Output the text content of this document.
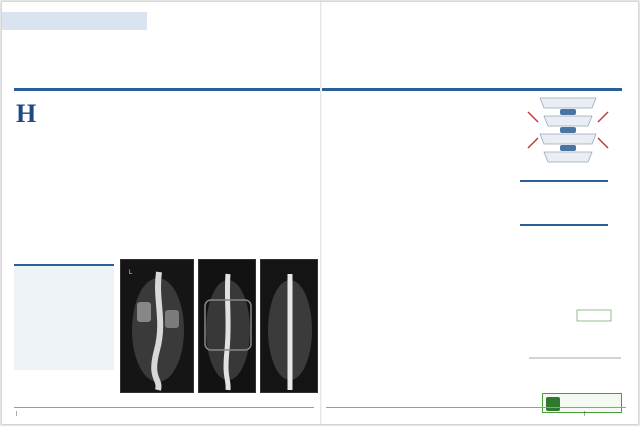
H

L

|	|
